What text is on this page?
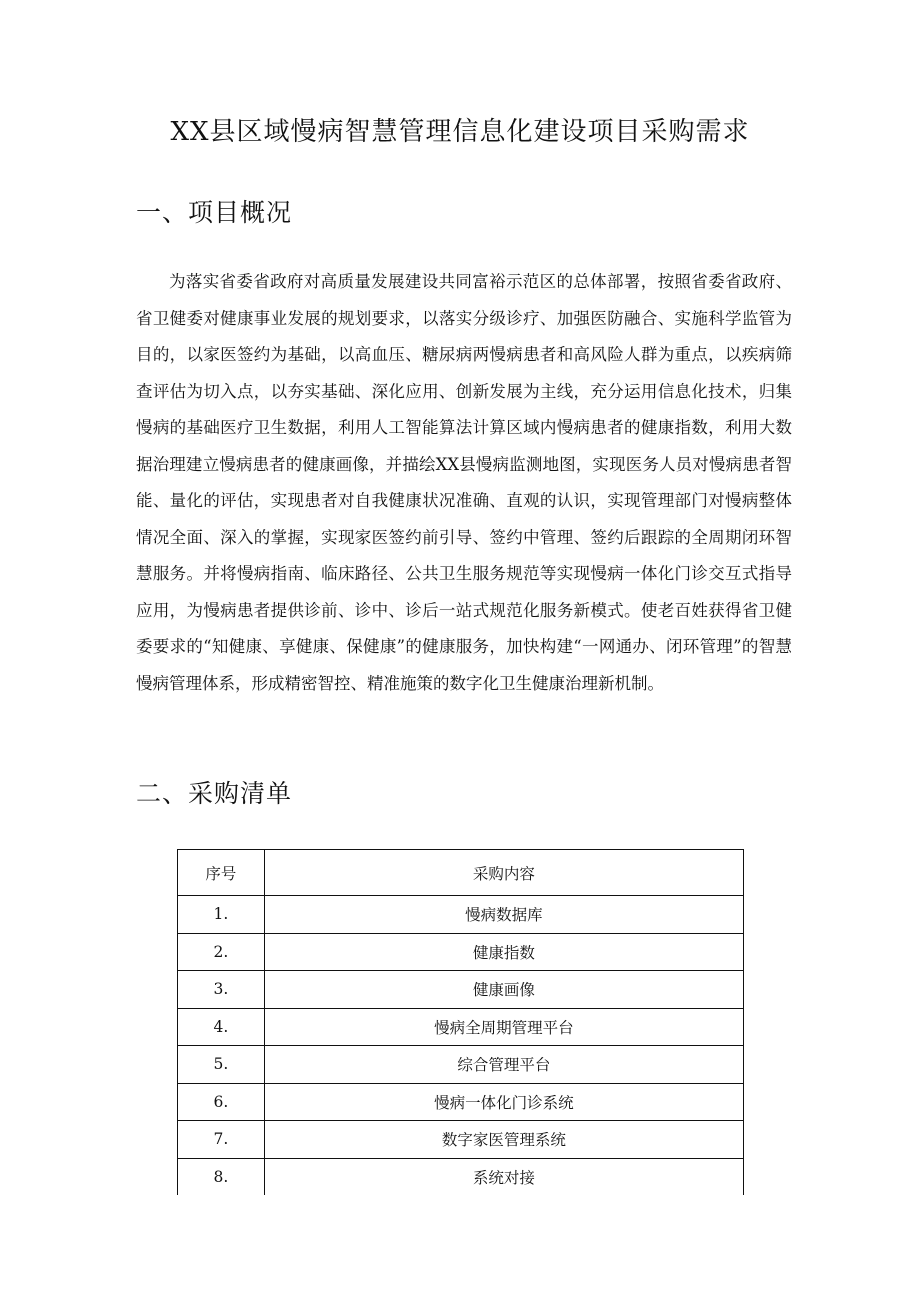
XX县区域慢病智慧管理信息化建设项目采购需求
一、项目概况

为落实省委省政府对高质量发展建设共同富裕示范区的总体部署，按照省委省政府、省卫健委对健康事业发展的规划要求，以落实分级诊疗、加强医防融合、实施科学监管为目的，以家医签约为基础，以高血压、糖尿病两慢病患者和高风险人群为重点，以疾病筛查评估为切入点，以夯实基础、深化应用、创新发展为主线，充分运用信息化技术，归集慢病的基础医疗卫生数据，利用人工智能算法计算区域内慢病患者的健康指数，利用大数据治理建立慢病患者的健康画像，并描绘XX县慢病监测地图，实现医务人员对慢病患者智能、量化的评估，实现患者对自我健康状况准确、直观的认识，实现管理部门对慢病整体情况全面、深入的掌握，实现家医签约前引导、签约中管理、签约后跟踪的全周期闭环智慧服务。并将慢病指南、临床路径、公共卫生服务规范等实现慢病一体化门诊交互式指导应用，为慢病患者提供诊前、诊中、诊后一站式规范化服务新模式。使老百姓获得省卫健委要求的“知健康、享健康、保健康”的健康服务，加快构建“一网通办、闭环管理”的智慧慢病管理体系，形成精密智控、精准施策的数字化卫生健康治理新机制。

二、采购清单
序号	采购内容
1.	慢病数据库
2.	健康指数
3.	健康画像
4.	慢病全周期管理平台
5.	综合管理平台
6.	慢病一体化门诊系统
7.	数字家医管理系统
8.	系统对接
